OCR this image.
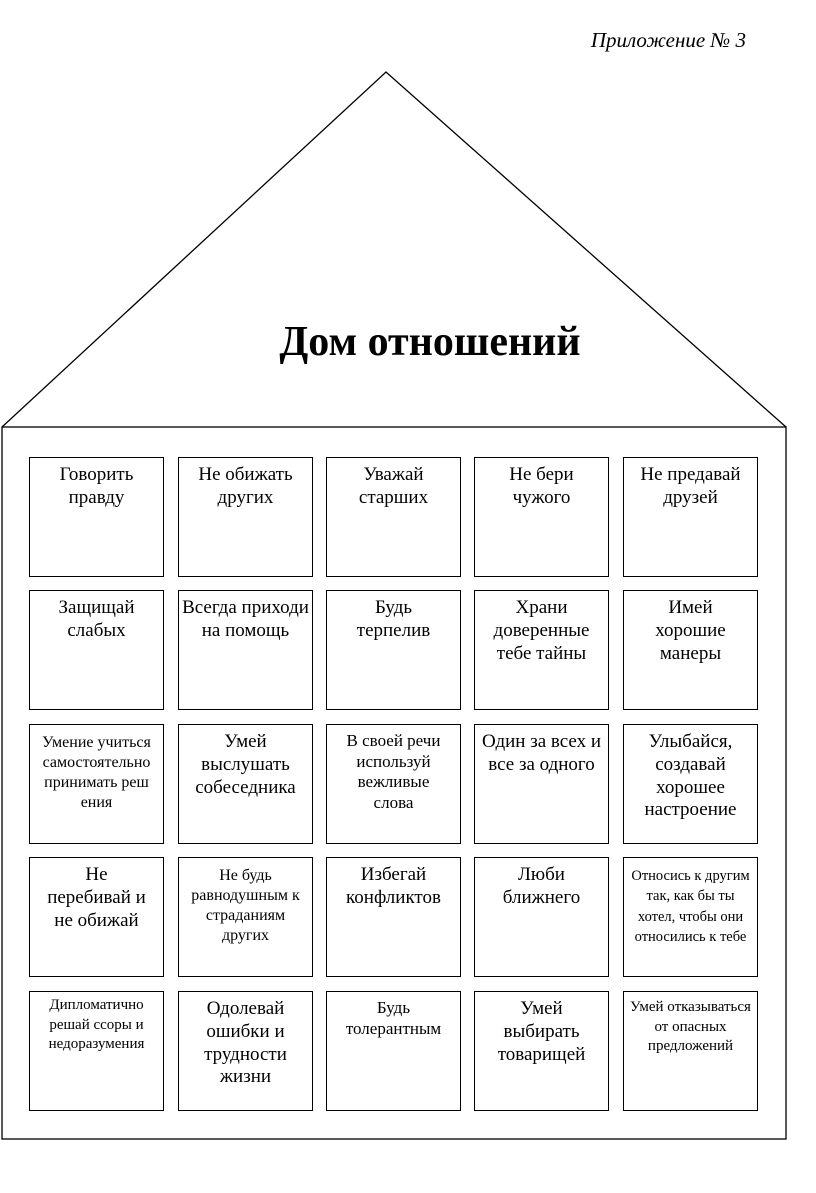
Приложение № 3
Дом отношений
Говорить правду
Не обижать других
Уважай старших
Не бери чужого
Не предавай друзей
Защищай слабых
Всегда приходи на помощь
Будь терпелив
Храни доверенные тебе тайны
Имей хорошие манеры
Умение учиться самостоятельно принимать решения
Умей выслушать собеседника
В своей речи используй вежливые слова
Один за всех и все за одного
Улыбайся, создавай хорошее настроение
Не перебивай и не обижай
Не будь равнодушным к страданиям других
Избегай конфликтов
Люби ближнего
Относись к другим так, как бы ты хотел, чтобы они относились к тебе
Дипломатично решай ссоры и недоразумения
Одолевай ошибки и трудности жизни
Будь толерантным
Умей выбирать товарищей
Умей отказываться от опасных предложений
